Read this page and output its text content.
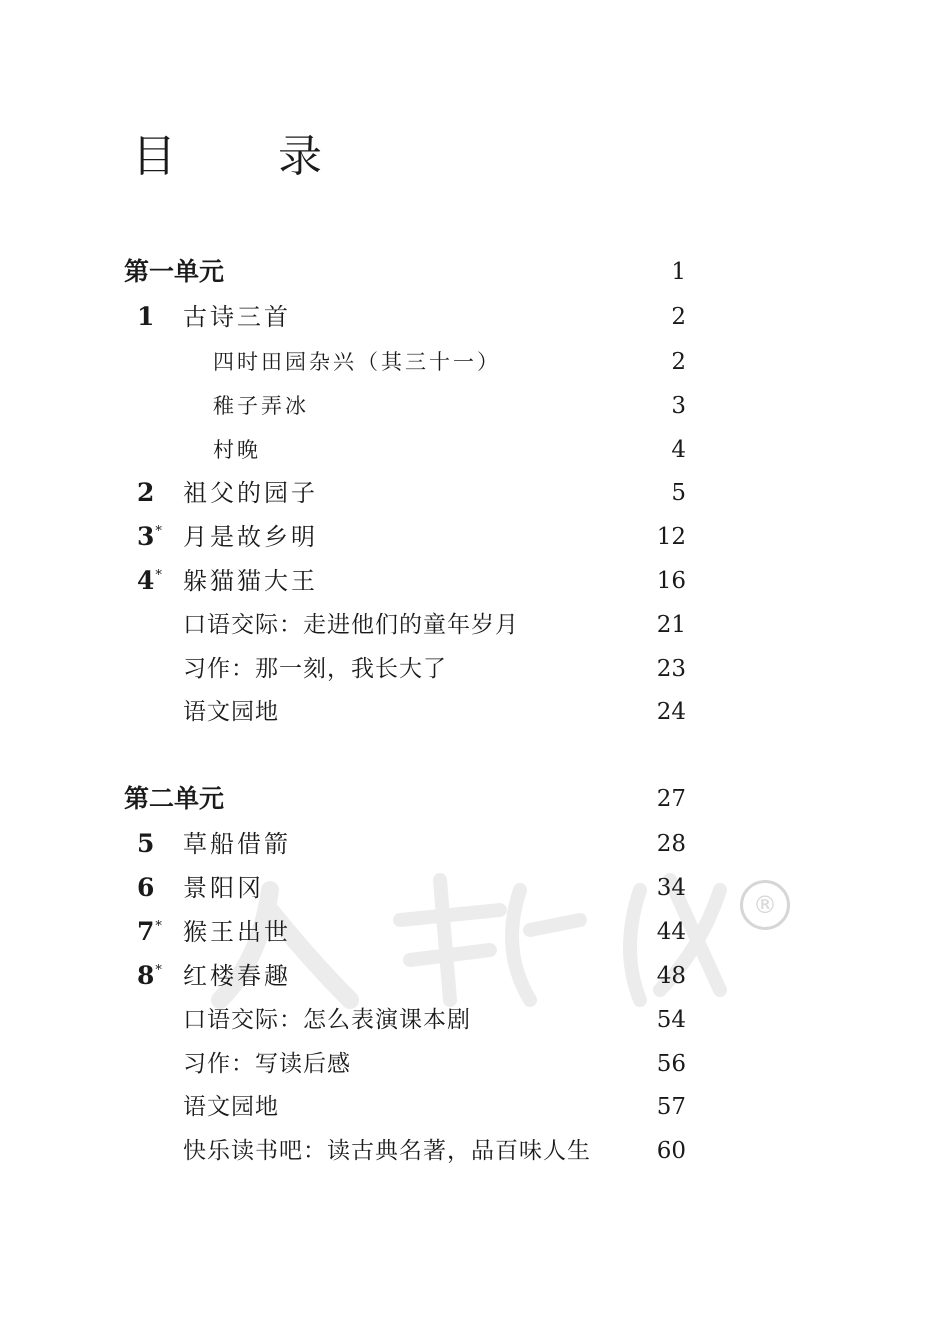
目 录
®
第一单元	1
1 古诗三首	2
四时田园杂兴（其三十一）	2
稚子弄冰	3
村晚	4
2 祖父的园子	5
3* 月是故乡明	12
4* 躲猫猫大王	16
口语交际：走进他们的童年岁月	21
习作：那一刻，我长大了	23
语文园地	24
第二单元	27
5 草船借箭	28
6 景阳冈	34
7* 猴王出世	44
8* 红楼春趣	48
口语交际：怎么表演课本剧	54
习作：写读后感	56
语文园地	57
快乐读书吧：读古典名著，品百味人生	60
